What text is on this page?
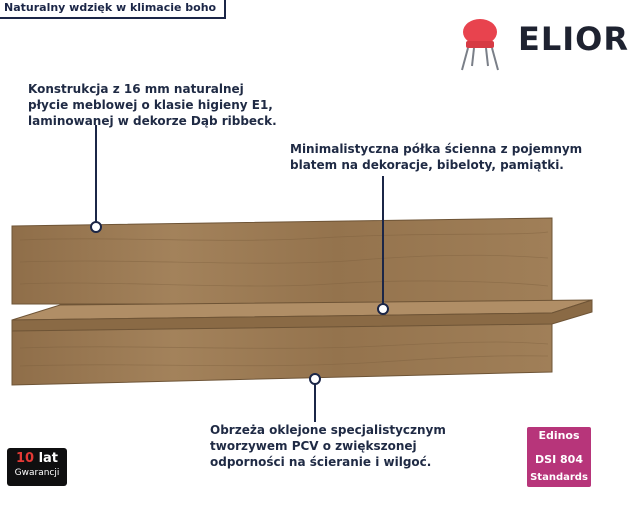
Naturalny wdzięk w klimacie boho
ELIOR
Konstrukcja z 16 mm naturalnej płycie meblowej o klasie higieny E1, laminowanej w dekorze Dąb ribbeck.
Minimalistyczna półka ścienna z pojemnym blatem na dekoracje, bibeloty, pamiątki.
Obrzeża oklejone specjalistycznym tworzywem PCV o zwiększonej odporności na ścieranie i wilgoć.
10 lat
Gwarancji
Edinos
DSI 804
Standards
